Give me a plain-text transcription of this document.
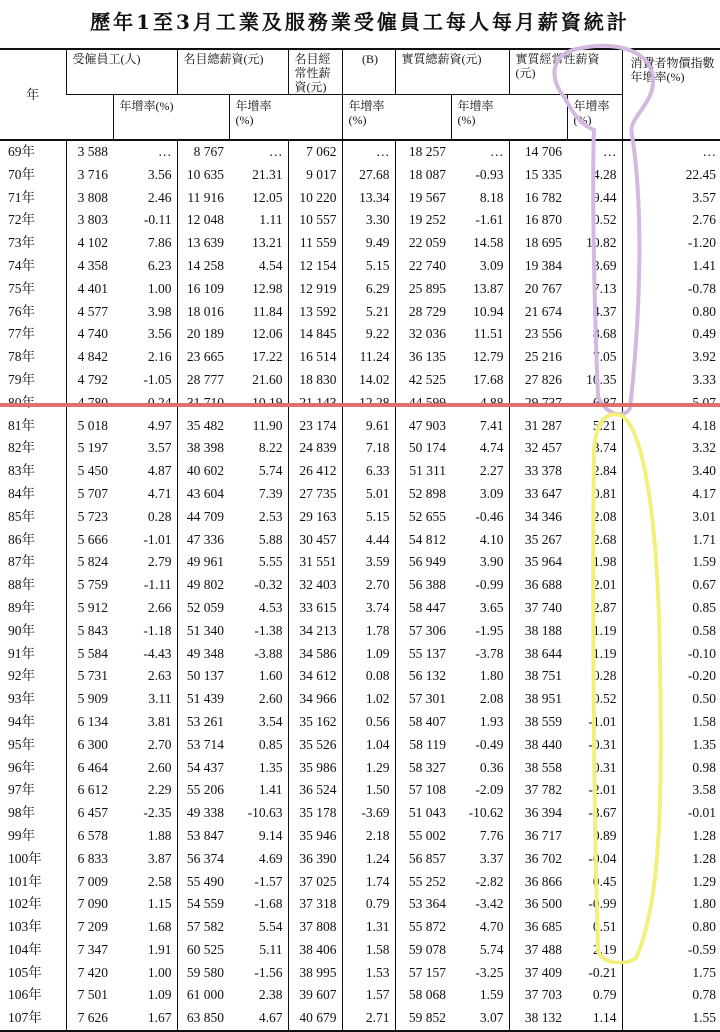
歷年1至3月工業及服務業受僱員工每人每月薪資統計
年	受僱員工(人)		名目總薪資(元)		名目經常性薪資(元)	(B)	實質總薪資(元)		實質經常性薪資(元)		消費者物價指數年增率(%)
		年增率(%)		年增率(%)		年增率(%)		年增率(%)		年增率(%)	
69年	3 588	…	8 767	…	7 062	…	18 257	…	14 706	…	…
70年	3 716	3.56	10 635	21.31	9 017	27.68	18 087	-0.93	15 335	4.28	22.45
71年	3 808	2.46	11 916	12.05	10 220	13.34	19 567	8.18	16 782	9.44	3.57
72年	3 803	-0.11	12 048	1.11	10 557	3.30	19 252	-1.61	16 870	0.52	2.76
73年	4 102	7.86	13 639	13.21	11 559	9.49	22 059	14.58	18 695	10.82	-1.20
74年	4 358	6.23	14 258	4.54	12 154	5.15	22 740	3.09	19 384	3.69	1.41
75年	4 401	1.00	16 109	12.98	12 919	6.29	25 895	13.87	20 767	7.13	-0.78
76年	4 577	3.98	18 016	11.84	13 592	5.21	28 729	10.94	21 674	4.37	0.80
77年	4 740	3.56	20 189	12.06	14 845	9.22	32 036	11.51	23 556	8.68	0.49
78年	4 842	2.16	23 665	17.22	16 514	11.24	36 135	12.79	25 216	7.05	3.92
79年	4 792	-1.05	28 777	21.60	18 830	14.02	42 525	17.68	27 826	10.35	3.33
80年	4 780	-0.24	31 710	10.19	21 143	12.28	44 599	4.88	29 737	6.87	5.07
81年	5 018	4.97	35 482	11.90	23 174	9.61	47 903	7.41	31 287	5.21	4.18
82年	5 197	3.57	38 398	8.22	24 839	7.18	50 174	4.74	32 457	3.74	3.32
83年	5 450	4.87	40 602	5.74	26 412	6.33	51 311	2.27	33 378	2.84	3.40
84年	5 707	4.71	43 604	7.39	27 735	5.01	52 898	3.09	33 647	0.81	4.17
85年	5 723	0.28	44 709	2.53	29 163	5.15	52 655	-0.46	34 346	2.08	3.01
86年	5 666	-1.01	47 336	5.88	30 457	4.44	54 812	4.10	35 267	2.68	1.71
87年	5 824	2.79	49 961	5.55	31 551	3.59	56 949	3.90	35 964	1.98	1.59
88年	5 759	-1.11	49 802	-0.32	32 403	2.70	56 388	-0.99	36 688	2.01	0.67
89年	5 912	2.66	52 059	4.53	33 615	3.74	58 447	3.65	37 740	2.87	0.85
90年	5 843	-1.18	51 340	-1.38	34 213	1.78	57 306	-1.95	38 188	1.19	0.58
91年	5 584	-4.43	49 348	-3.88	34 586	1.09	55 137	-3.78	38 644	1.19	-0.10
92年	5 731	2.63	50 137	1.60	34 612	0.08	56 132	1.80	38 751	0.28	-0.20
93年	5 909	3.11	51 439	2.60	34 966	1.02	57 301	2.08	38 951	0.52	0.50
94年	6 134	3.81	53 261	3.54	35 162	0.56	58 407	1.93	38 559	-1.01	1.58
95年	6 300	2.70	53 714	0.85	35 526	1.04	58 119	-0.49	38 440	-0.31	1.35
96年	6 464	2.60	54 437	1.35	35 986	1.29	58 327	0.36	38 558	0.31	0.98
97年	6 612	2.29	55 206	1.41	36 524	1.50	57 108	-2.09	37 782	-2.01	3.58
98年	6 457	-2.35	49 338	-10.63	35 178	-3.69	51 043	-10.62	36 394	-3.67	-0.01
99年	6 578	1.88	53 847	9.14	35 946	2.18	55 002	7.76	36 717	0.89	1.28
100年	6 833	3.87	56 374	4.69	36 390	1.24	56 857	3.37	36 702	-0.04	1.28
101年	7 009	2.58	55 490	-1.57	37 025	1.74	55 252	-2.82	36 866	0.45	1.29
102年	7 090	1.15	54 559	-1.68	37 318	0.79	53 364	-3.42	36 500	-0.99	1.80
103年	7 209	1.68	57 582	5.54	37 808	1.31	55 872	4.70	36 685	0.51	0.80
104年	7 347	1.91	60 525	5.11	38 406	1.58	59 078	5.74	37 488	2.19	-0.59
105年	7 420	1.00	59 580	-1.56	38 995	1.53	57 157	-3.25	37 409	-0.21	1.75
106年	7 501	1.09	61 000	2.38	39 607	1.57	58 068	1.59	37 703	0.79	0.78
107年	7 626	1.67	63 850	4.67	40 679	2.71	59 852	3.07	38 132	1.14	1.55
